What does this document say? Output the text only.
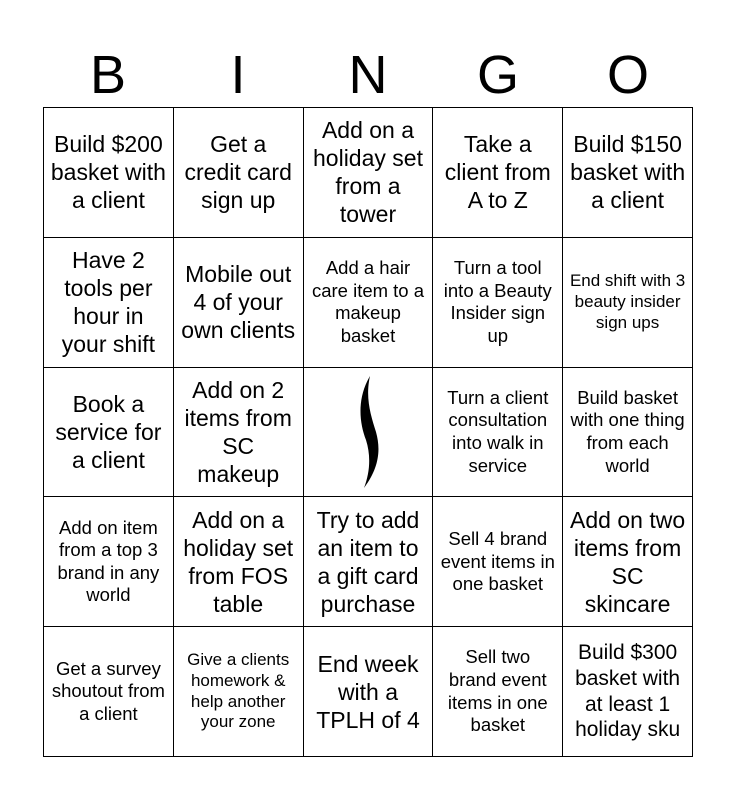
B	I	N	G	O
Build $200 basket with a client
Get a credit card sign up
Add on a holiday set from a tower
Take a client from A to Z
Build $150 basket with a client
Have 2 tools per hour in your shift
Mobile out 4 of your own clients
Add a hair care item to a makeup basket
Turn a tool into a Beauty Insider sign up
End shift with 3 beauty insider sign ups
Book a service for a client
Add on 2 items from SC makeup
Turn a client consultation into walk in service
Build basket with one thing from each world
Add on item from a top 3 brand in any world
Add on a holiday set from FOS table
Try to add an item to a gift card purchase
Sell 4 brand event items in one basket
Add on two items from SC skincare
Get a survey shoutout from a client
Give a clients homework & help another your zone
End week with a TPLH of 4
Sell two brand event items in one basket
Build $300 basket with at least 1 holiday sku
